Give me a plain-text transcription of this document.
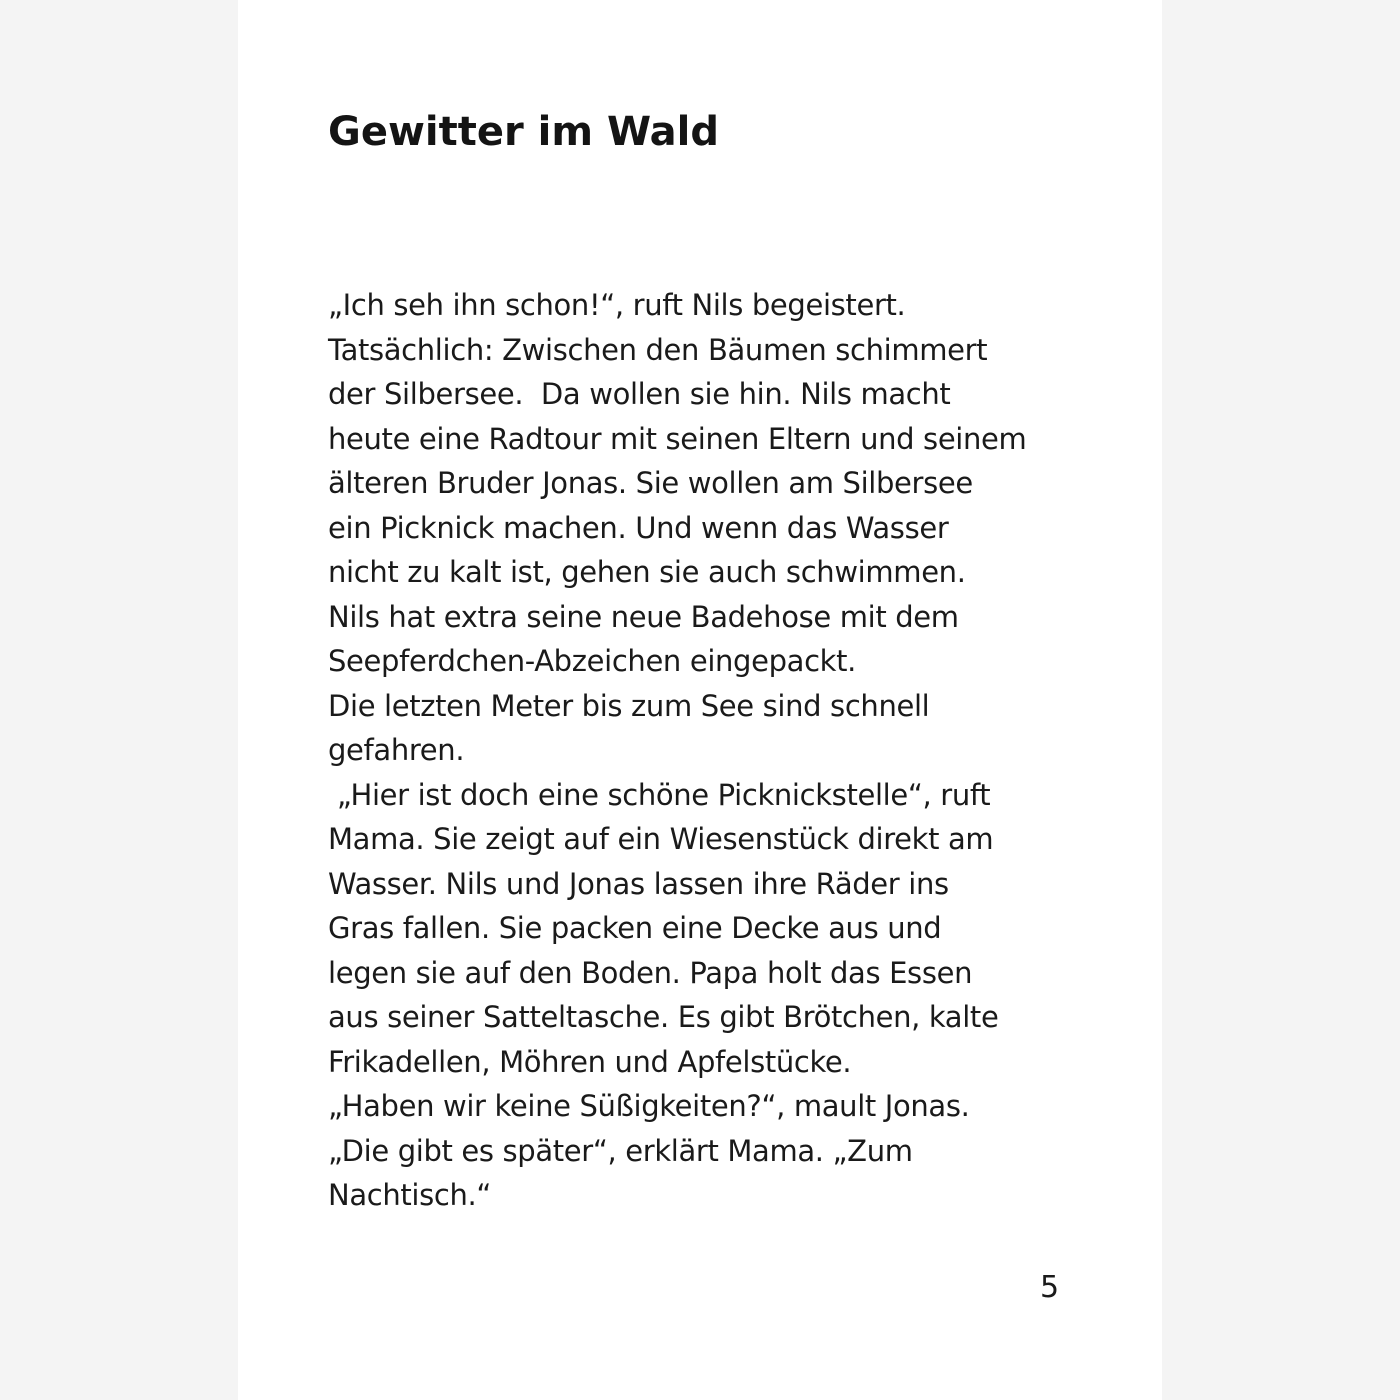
Gewitter im Wald
„Ich seh ihn schon!“, ruft Nils begeistert.
Tatsächlich: Zwischen den Bäumen schimmert
der Silbersee.  Da wollen sie hin. Nils macht
heute eine Radtour mit seinen Eltern und seinem
älteren Bruder Jonas. Sie wollen am Silbersee
ein Picknick machen. Und wenn das Wasser
nicht zu kalt ist, gehen sie auch schwimmen.
Nils hat extra seine neue Badehose mit dem
Seepferdchen-Abzeichen eingepackt.
Die letzten Meter bis zum See sind schnell
gefahren.
„Hier ist doch eine schöne Picknickstelle“, ruft
Mama. Sie zeigt auf ein Wiesenstück direkt am
Wasser. Nils und Jonas lassen ihre Räder ins
Gras fallen. Sie packen eine Decke aus und
legen sie auf den Boden. Papa holt das Essen
aus seiner Satteltasche. Es gibt Brötchen, kalte
Frikadellen, Möhren und Apfelstücke.
„Haben wir keine Süßigkeiten?“, mault Jonas.
„Die gibt es später“, erklärt Mama. „Zum
Nachtisch.“
5
